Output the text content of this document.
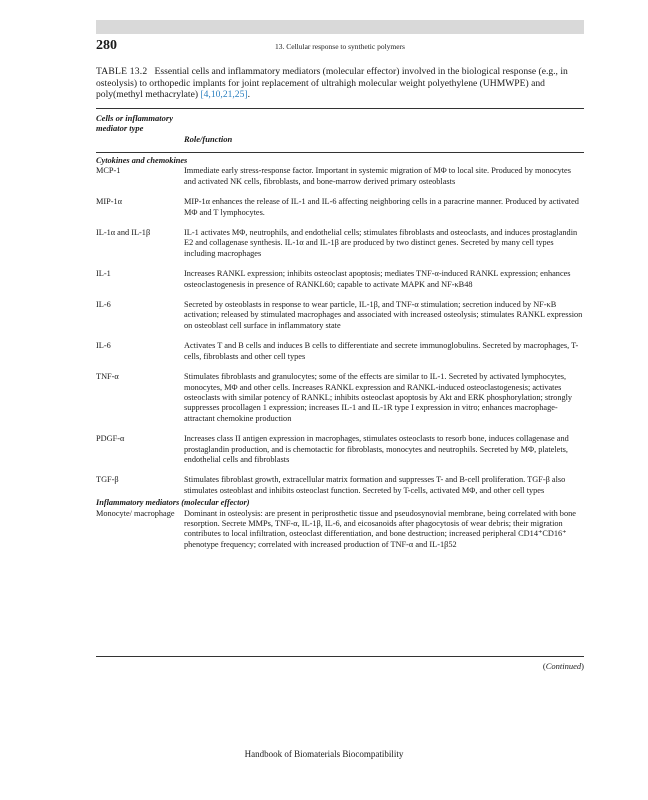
280	13. Cellular response to synthetic polymers
TABLE 13.2 Essential cells and inflammatory mediators (molecular effector) involved in the biological response (e.g., in osteolysis) to orthopedic implants for joint replacement of ultrahigh molecular weight polyethylene (UHMWPE) and poly(methyl methacrylate) [4,10,21,25].
Cells or inflammatory mediator type
Role/function
Cytokines and chemokines
MCP-1	Immediate early stress-response factor. Important in systemic migration of MΦ to local site. Produced by monocytes and activated NK cells, fibroblasts, and bone-marrow derived primary osteoblasts
MIP-1α	MIP-1α enhances the release of IL-1 and IL-6 affecting neighboring cells in a paracrine manner. Produced by activated MΦ and T lymphocytes.
IL-1α and IL-1β	IL-1 activates MΦ, neutrophils, and endothelial cells; stimulates fibroblasts and osteoclasts, and induces prostaglandin E2 and collagenase synthesis. IL-1α and IL-1β are produced by two distinct genes. Secreted by many cell types including macrophages
IL-1	Increases RANKL expression; inhibits osteoclast apoptosis; mediates TNF-α-induced RANKL expression; enhances osteoclastogenesis in presence of RANKL60; capable to activate MAPK and NF-κB48
IL-6	Secreted by osteoblasts in response to wear particle, IL-1β, and TNF-α stimulation; secretion induced by NF-κB activation; released by stimulated macrophages and associated with increased osteolysis; stimulates RANKL expression on osteoblast cell surface in inflammatory state
IL-6	Activates T and B cells and induces B cells to differentiate and secrete immunoglobulins. Secreted by macrophages, T-cells, fibroblasts and other cell types
TNF-α	Stimulates fibroblasts and granulocytes; some of the effects are similar to IL-1. Secreted by activated lymphocytes, monocytes, MΦ and other cells. Increases RANKL expression and RANKL-induced osteoclastogenesis; activates osteoclasts with similar potency of RANKL; inhibits osteoclast apoptosis by Akt and ERK phosphorylation; strongly suppresses procollagen 1 expression; increases IL-1 and IL-1R type I expression in vitro; enhances macrophage-attractant chemokine production
PDGF-α	Increases class II antigen expression in macrophages, stimulates osteoclasts to resorb bone, induces collagenase and prostaglandin production, and is chemotactic for fibroblasts, monocytes and neutrophils. Secreted by MΦ, platelets, endothelial cells and fibroblasts
TGF-β	Stimulates fibroblast growth, extracellular matrix formation and suppresses T- and B-cell proliferation. TGF-β also stimulates osteoblast and inhibits osteoclast function. Secreted by T-cells, activated MΦ, and other cell types
Inflammatory mediators (molecular effector)
Monocyte/ macrophage	Dominant in osteolysis: are present in periprosthetic tissue and pseudosynovial membrane, being correlated with bone resorption. Secrete MMPs, TNF-α, IL-1β, IL-6, and eicosanoids after phagocytosis of wear debris; their migration contributes to local infiltration, osteoclast differentiation, and bone destruction; increased peripheral CD14⁺CD16⁺ phenotype frequency; correlated with increased production of TNF-α and IL-1β52
(Continued)
Handbook of Biomaterials Biocompatibility
